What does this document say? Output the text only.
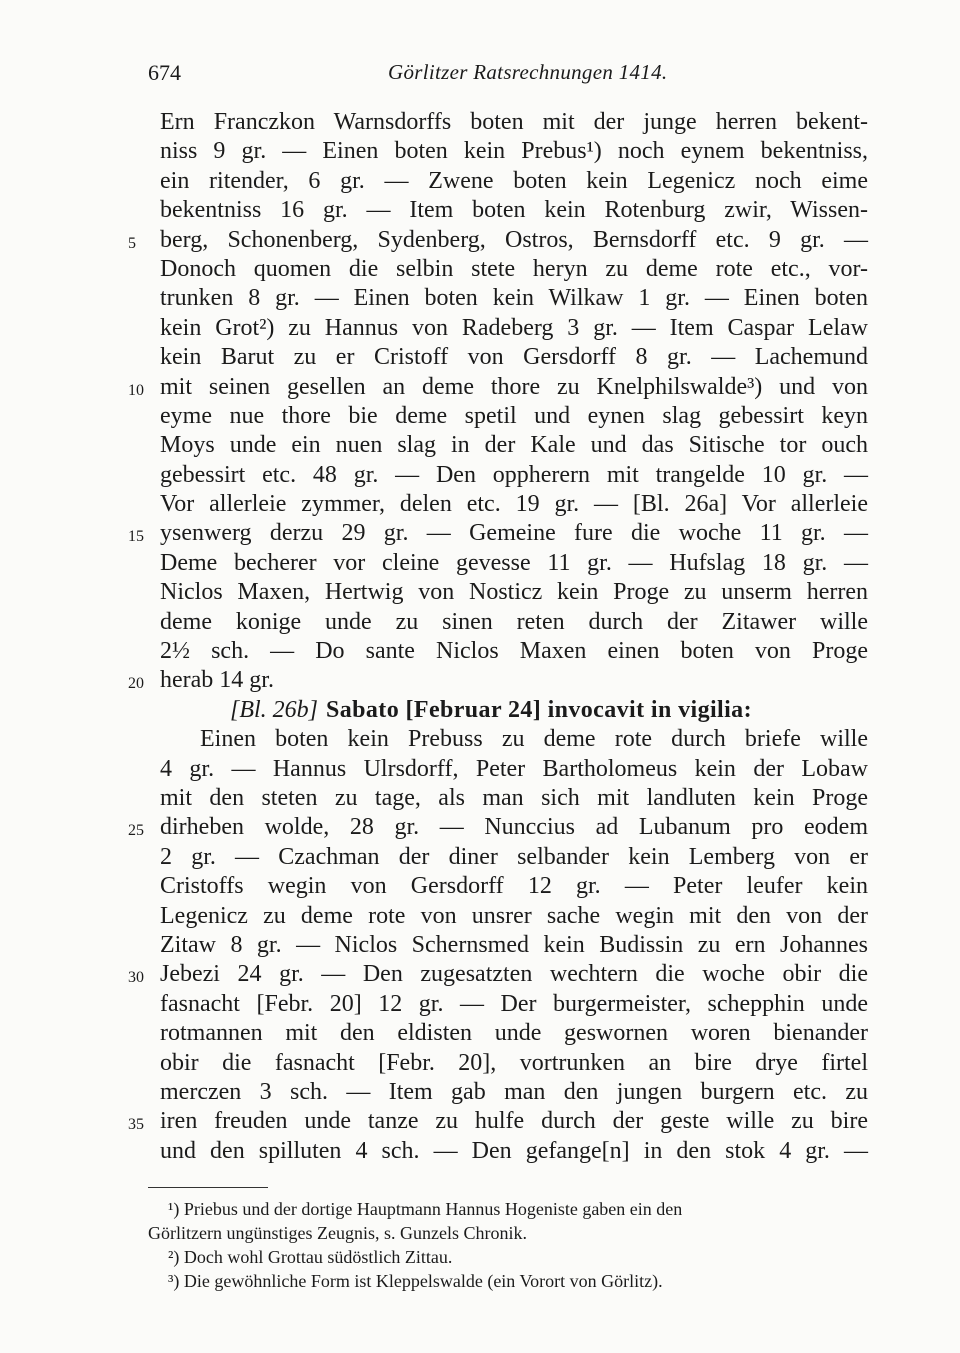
674	Görlitzer Ratsrechnungen 1414.
Ern Franczkon Warnsdorffs boten mit der junge herren bekent-
niss 9 gr. — Einen boten kein Prebus¹) noch eynem bekentniss,
ein ritender, 6 gr. — Zwene boten kein Legenicz noch eime
bekentniss 16 gr. — Item boten kein Rotenburg zwir, Wissen-
5 berg, Schonenberg, Sydenberg, Ostros, Bernsdorff etc. 9 gr. —
Donoch quomen die selbin stete heryn zu deme rote etc., vor-
trunken 8 gr. — Einen boten kein Wilkaw 1 gr. — Einen boten
kein Grot²) zu Hannus von Radeberg 3 gr. — Item Caspar Lelaw
kein Barut zu er Cristoff von Gersdorff 8 gr. — Lachemund
10 mit seinen gesellen an deme thore zu Knelphilswalde³) und von
eyme nue thore bie deme spetil und eynen slag gebessirt keyn
Moys unde ein nuen slag in der Kale und das Sitische tor ouch
gebessirt etc. 48 gr. — Den oppherern mit trangelde 10 gr. —
Vor allerleie zymmer, delen etc. 19 gr. — [Bl. 26a] Vor allerleie
15 ysenwerg derzu 29 gr. — Gemeine fure die woche 11 gr. —
Deme becherer vor cleine gevesse 11 gr. — Hufslag 18 gr. —
Niclos Maxen, Hertwig von Nosticz kein Proge zu unserm herren
deme konige unde zu sinen reten durch der Zitawer wille
2½ sch. — Do sante Niclos Maxen einen boten von Proge
20 herab 14 gr.
[Bl. 26b] Sabato [Februar 24] invocavit in vigilia:
Einen boten kein Prebuss zu deme rote durch briefe wille
4 gr. — Hannus Ulrsdorff, Peter Bartholomeus kein der Lobaw
mit den steten zu tage, als man sich mit landluten kein Proge
25 dirheben wolde, 28 gr. — Nunccius ad Lubanum pro eodem
2 gr. — Czachman der diner selbander kein Lemberg von er
Cristoffs wegin von Gersdorff 12 gr. — Peter leufer kein
Legenicz zu deme rote von unsrer sache wegin mit den von der
Zitaw 8 gr. — Niclos Schernsmed kein Budissin zu ern Johannes
30 Jebezi 24 gr. — Den zugesatzten wechtern die woche obir die
fasnacht [Febr. 20] 12 gr. — Der burgermeister, schepphin unde
rotmannen mit den eldisten unde geswornen woren bienander
obir die fasnacht [Febr. 20], vortrunken an bire drye firtel
merczen 3 sch. — Item gab man den jungen burgern etc. zu
35 iren freuden unde tanze zu hulfe durch der geste wille zu bire
und den spilluten 4 sch. — Den gefange[n] in den stok 4 gr. —
¹) Priebus und der dortige Hauptmann Hannus Hogeniste gaben ein den
Görlitzern ungünstiges Zeugnis, s. Gunzels Chronik.
²) Doch wohl Grottau südöstlich Zittau.
³) Die gewöhnliche Form ist Kleppelswalde (ein Vorort von Görlitz).
